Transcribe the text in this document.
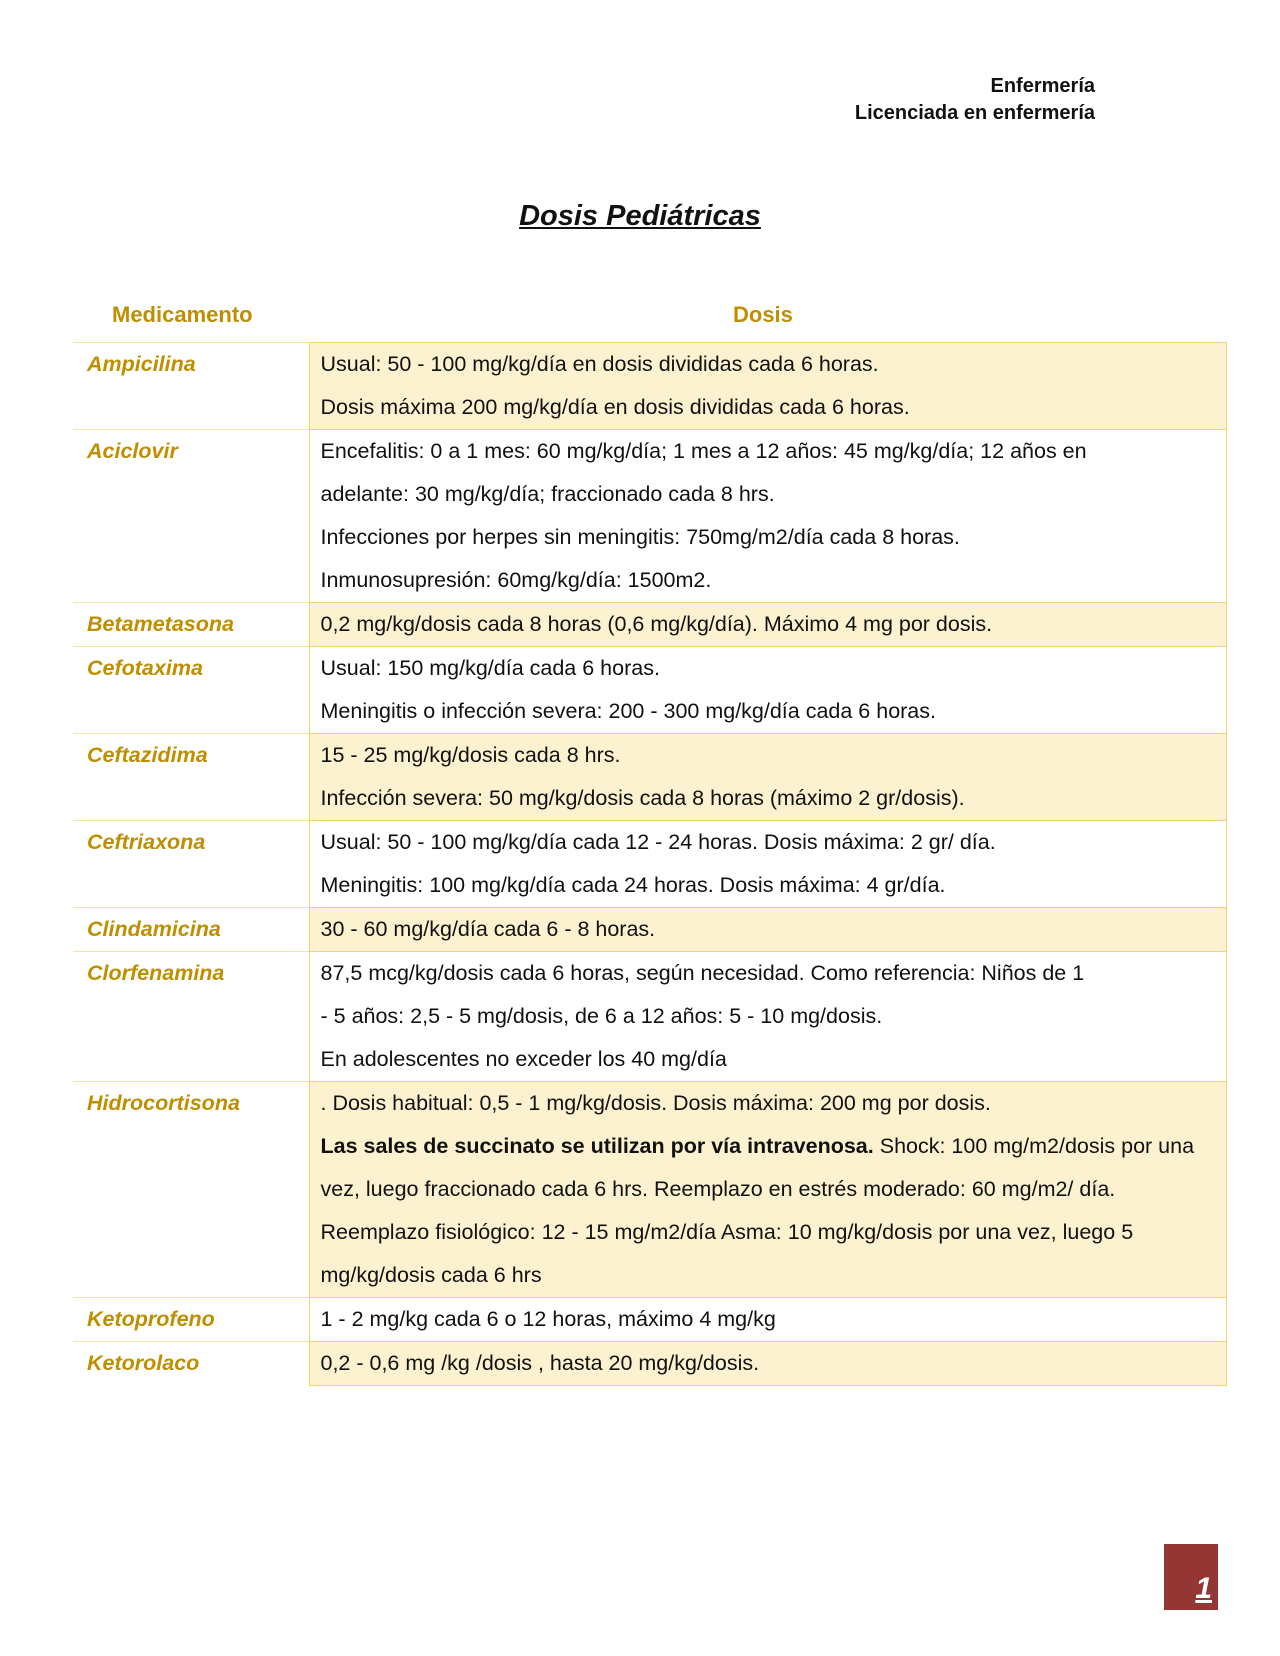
Enfermería
Licenciada en enfermería
Dosis Pediátricas
Medicamento	Dosis
Ampicilina	Usual: 50 - 100 mg/kg/día en dosis divididas cada 6 horas.
Dosis máxima 200 mg/kg/día en dosis divididas cada 6 horas.

Aciclovir	Encefalitis: 0 a 1 mes: 60 mg/kg/día; 1 mes a 12 años: 45 mg/kg/día; 12 años en
adelante: 30 mg/kg/día; fraccionado cada 8 hrs.
Infecciones por herpes sin meningitis: 750mg/m2/día cada 8 horas.
Inmunosupresión: 60mg/kg/día: 1500m2.

Betametasona	0,2 mg/kg/dosis cada 8 horas (0,6 mg/kg/día). Máximo 4 mg por dosis.

Cefotaxima	Usual: 150 mg/kg/día cada 6 horas.
Meningitis o infección severa: 200 - 300 mg/kg/día cada 6 horas.

Ceftazidima	15 - 25 mg/kg/dosis cada 8 hrs.
Infección severa: 50 mg/kg/dosis cada 8 horas (máximo 2 gr/dosis).

Ceftriaxona	Usual: 50 - 100 mg/kg/día cada 12 - 24 horas. Dosis máxima: 2 gr/ día.
Meningitis: 100 mg/kg/día cada 24 horas. Dosis máxima: 4 gr/día.

Clindamicina	30 - 60 mg/kg/día cada 6 - 8 horas.

Clorfenamina	87,5 mcg/kg/dosis cada 6 horas, según necesidad. Como referencia: Niños de 1
- 5 años: 2,5 - 5 mg/dosis, de 6 a 12 años: 5 - 10 mg/dosis.
En adolescentes no exceder los 40 mg/día

Hidrocortisona	. Dosis habitual: 0,5 - 1 mg/kg/dosis. Dosis máxima: 200 mg por dosis.
Las sales de succinato se utilizan por vía intravenosa. Shock: 100 mg/m2/dosis por una vez, luego fraccionado cada 6 hrs. Reemplazo en estrés moderado: 60 mg/m2/ día. Reemplazo fisiológico: 12 - 15 mg/m2/día Asma: 10 mg/kg/dosis por una vez, luego 5 mg/kg/dosis cada 6 hrs

Ketoprofeno	1 - 2 mg/kg cada 6 o 12 horas, máximo 4 mg/kg

Ketorolaco	0,2 - 0,6 mg /kg /dosis , hasta 20 mg/kg/dosis.
1
